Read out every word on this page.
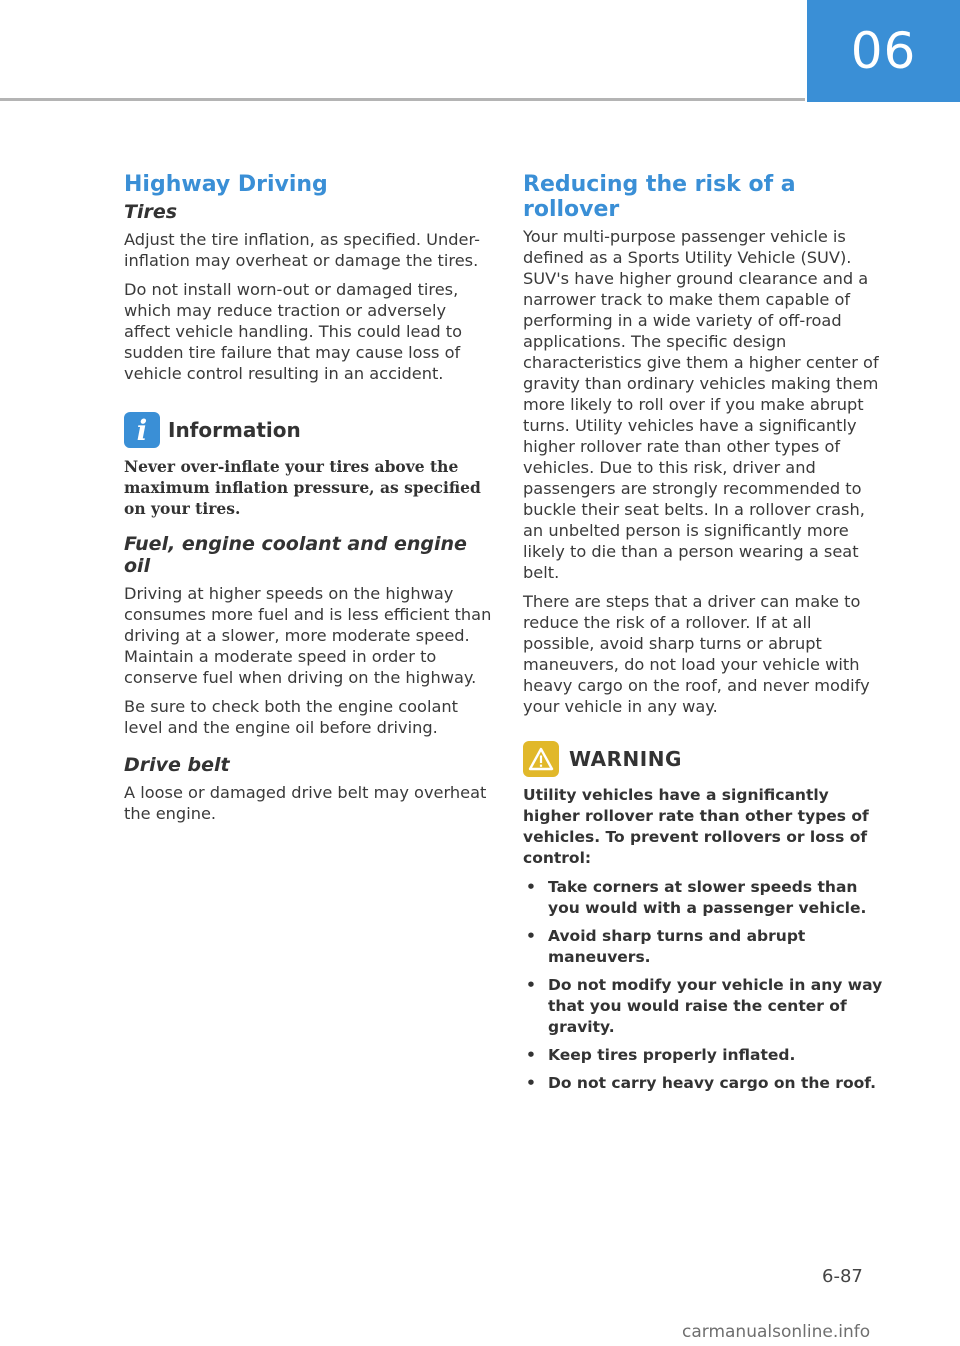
06
Highway Driving
Tires

Adjust the tire inflation, as specified. Under-inflation may overheat or damage the tires.

Do not install worn-out or damaged tires, which may reduce traction or adversely affect vehicle handling. This could lead to sudden tire failure that may cause loss of vehicle control resulting in an accident.

i	Information
Never over-inflate your tires above the maximum inflation pressure, as specified on your tires.
Fuel, engine coolant and engine oil

Driving at higher speeds on the highway consumes more fuel and is less efficient than driving at a slower, more moderate speed. Maintain a moderate speed in order to conserve fuel when driving on the highway.

Be sure to check both the engine coolant level and the engine oil before driving.

Drive belt

A loose or damaged drive belt may overheat the engine.

Reducing the risk of a rollover

Your multi-purpose passenger vehicle is defined as a Sports Utility Vehicle (SUV). SUV's have higher ground clearance and a narrower track to make them capable of performing in a wide variety of off-road applications. The specific design characteristics give them a higher center of gravity than ordinary vehicles making them more likely to roll over if you make abrupt turns. Utility vehicles have a significantly higher rollover rate than other types of vehicles. Due to this risk, driver and passengers are strongly recommended to buckle their seat belts. In a rollover crash, an unbelted person is significantly more likely to die than a person wearing a seat belt.

There are steps that a driver can make to reduce the risk of a rollover. If at all possible, avoid sharp turns or abrupt maneuvers, do not load your vehicle with heavy cargo on the roof, and never modify your vehicle in any way.

WARNING
Utility vehicles have a significantly higher rollover rate than other types of vehicles. To prevent rollovers or loss of control:
• Take corners at slower speeds than you would with a passenger vehicle.
• Avoid sharp turns and abrupt maneuvers.
• Do not modify your vehicle in any way that you would raise the center of gravity.
• Keep tires properly inflated.
• Do not carry heavy cargo on the roof.
6-87
carmanualsonline.info
